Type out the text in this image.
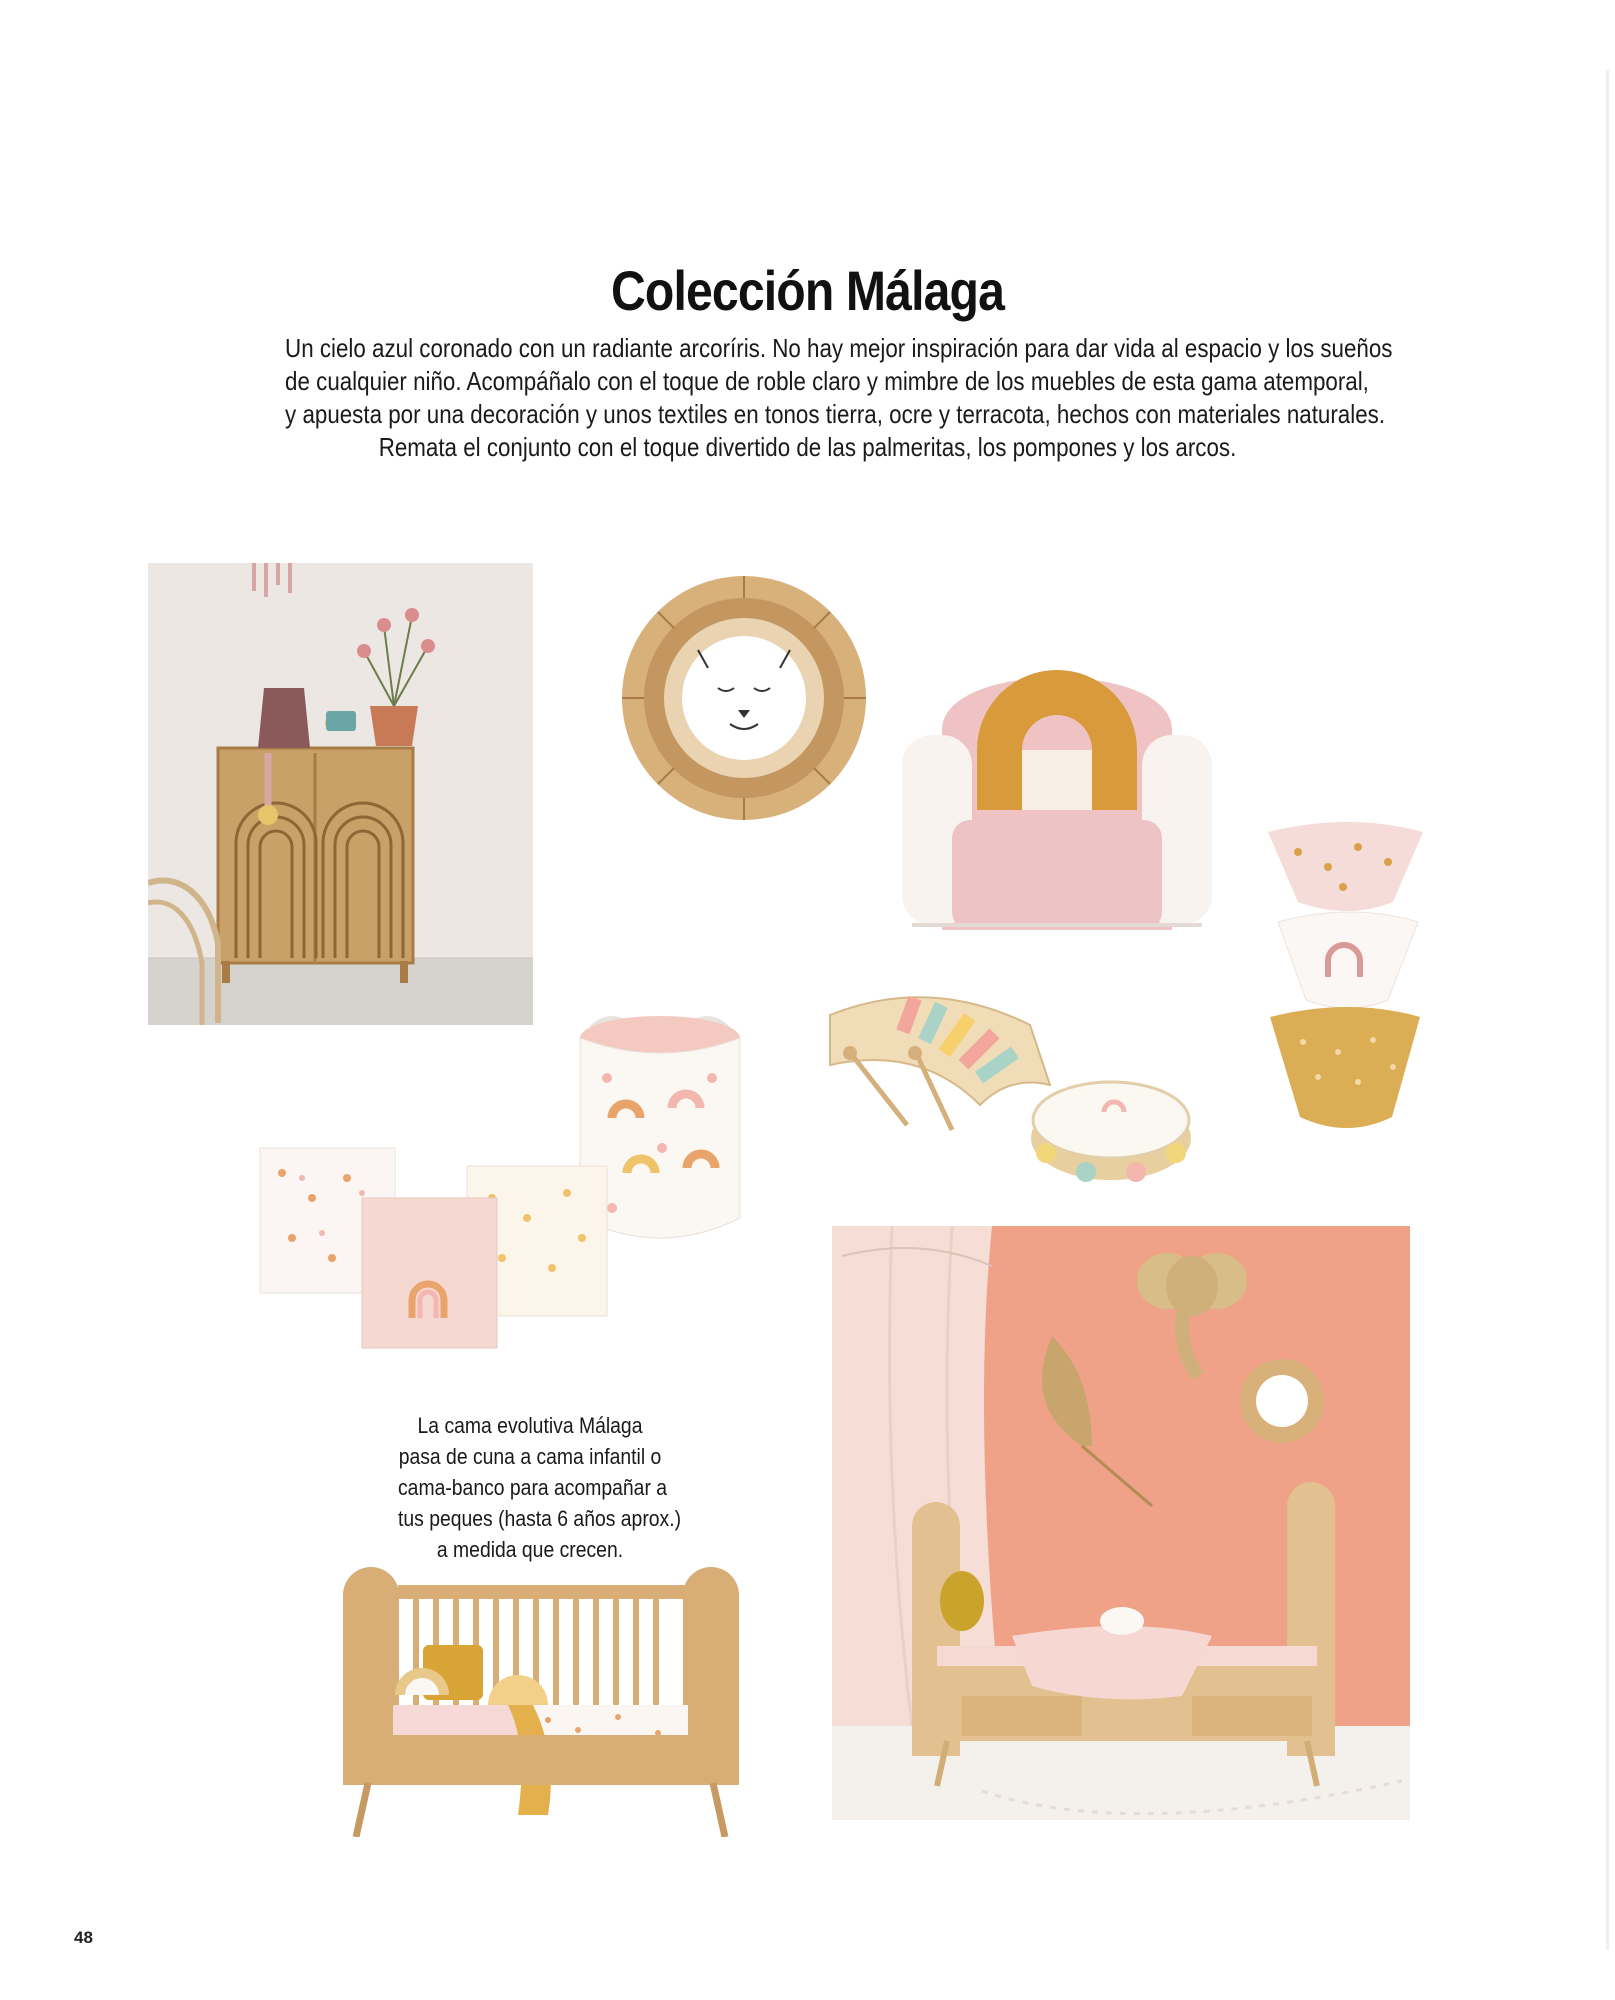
Colección Málaga
Un cielo azul coronado con un radiante arcoríris. No hay mejor inspiración para dar vida al espacio y los sueños
de cualquier niño. Acompáñalo con el toque de roble claro y mimbre de los muebles de esta gama atemporal,
y apuesta por una decoración y unos textiles en tonos tierra, ocre y terracota, hechos con materiales naturales.
Remata el conjunto con el toque divertido de las palmeritas, los pompones y los arcos.
La cama evolutiva Málaga
pasa de cuna a cama infantil o
cama-banco para acompañar a
tus peques (hasta 6 años aprox.)
a medida que crecen.
48
